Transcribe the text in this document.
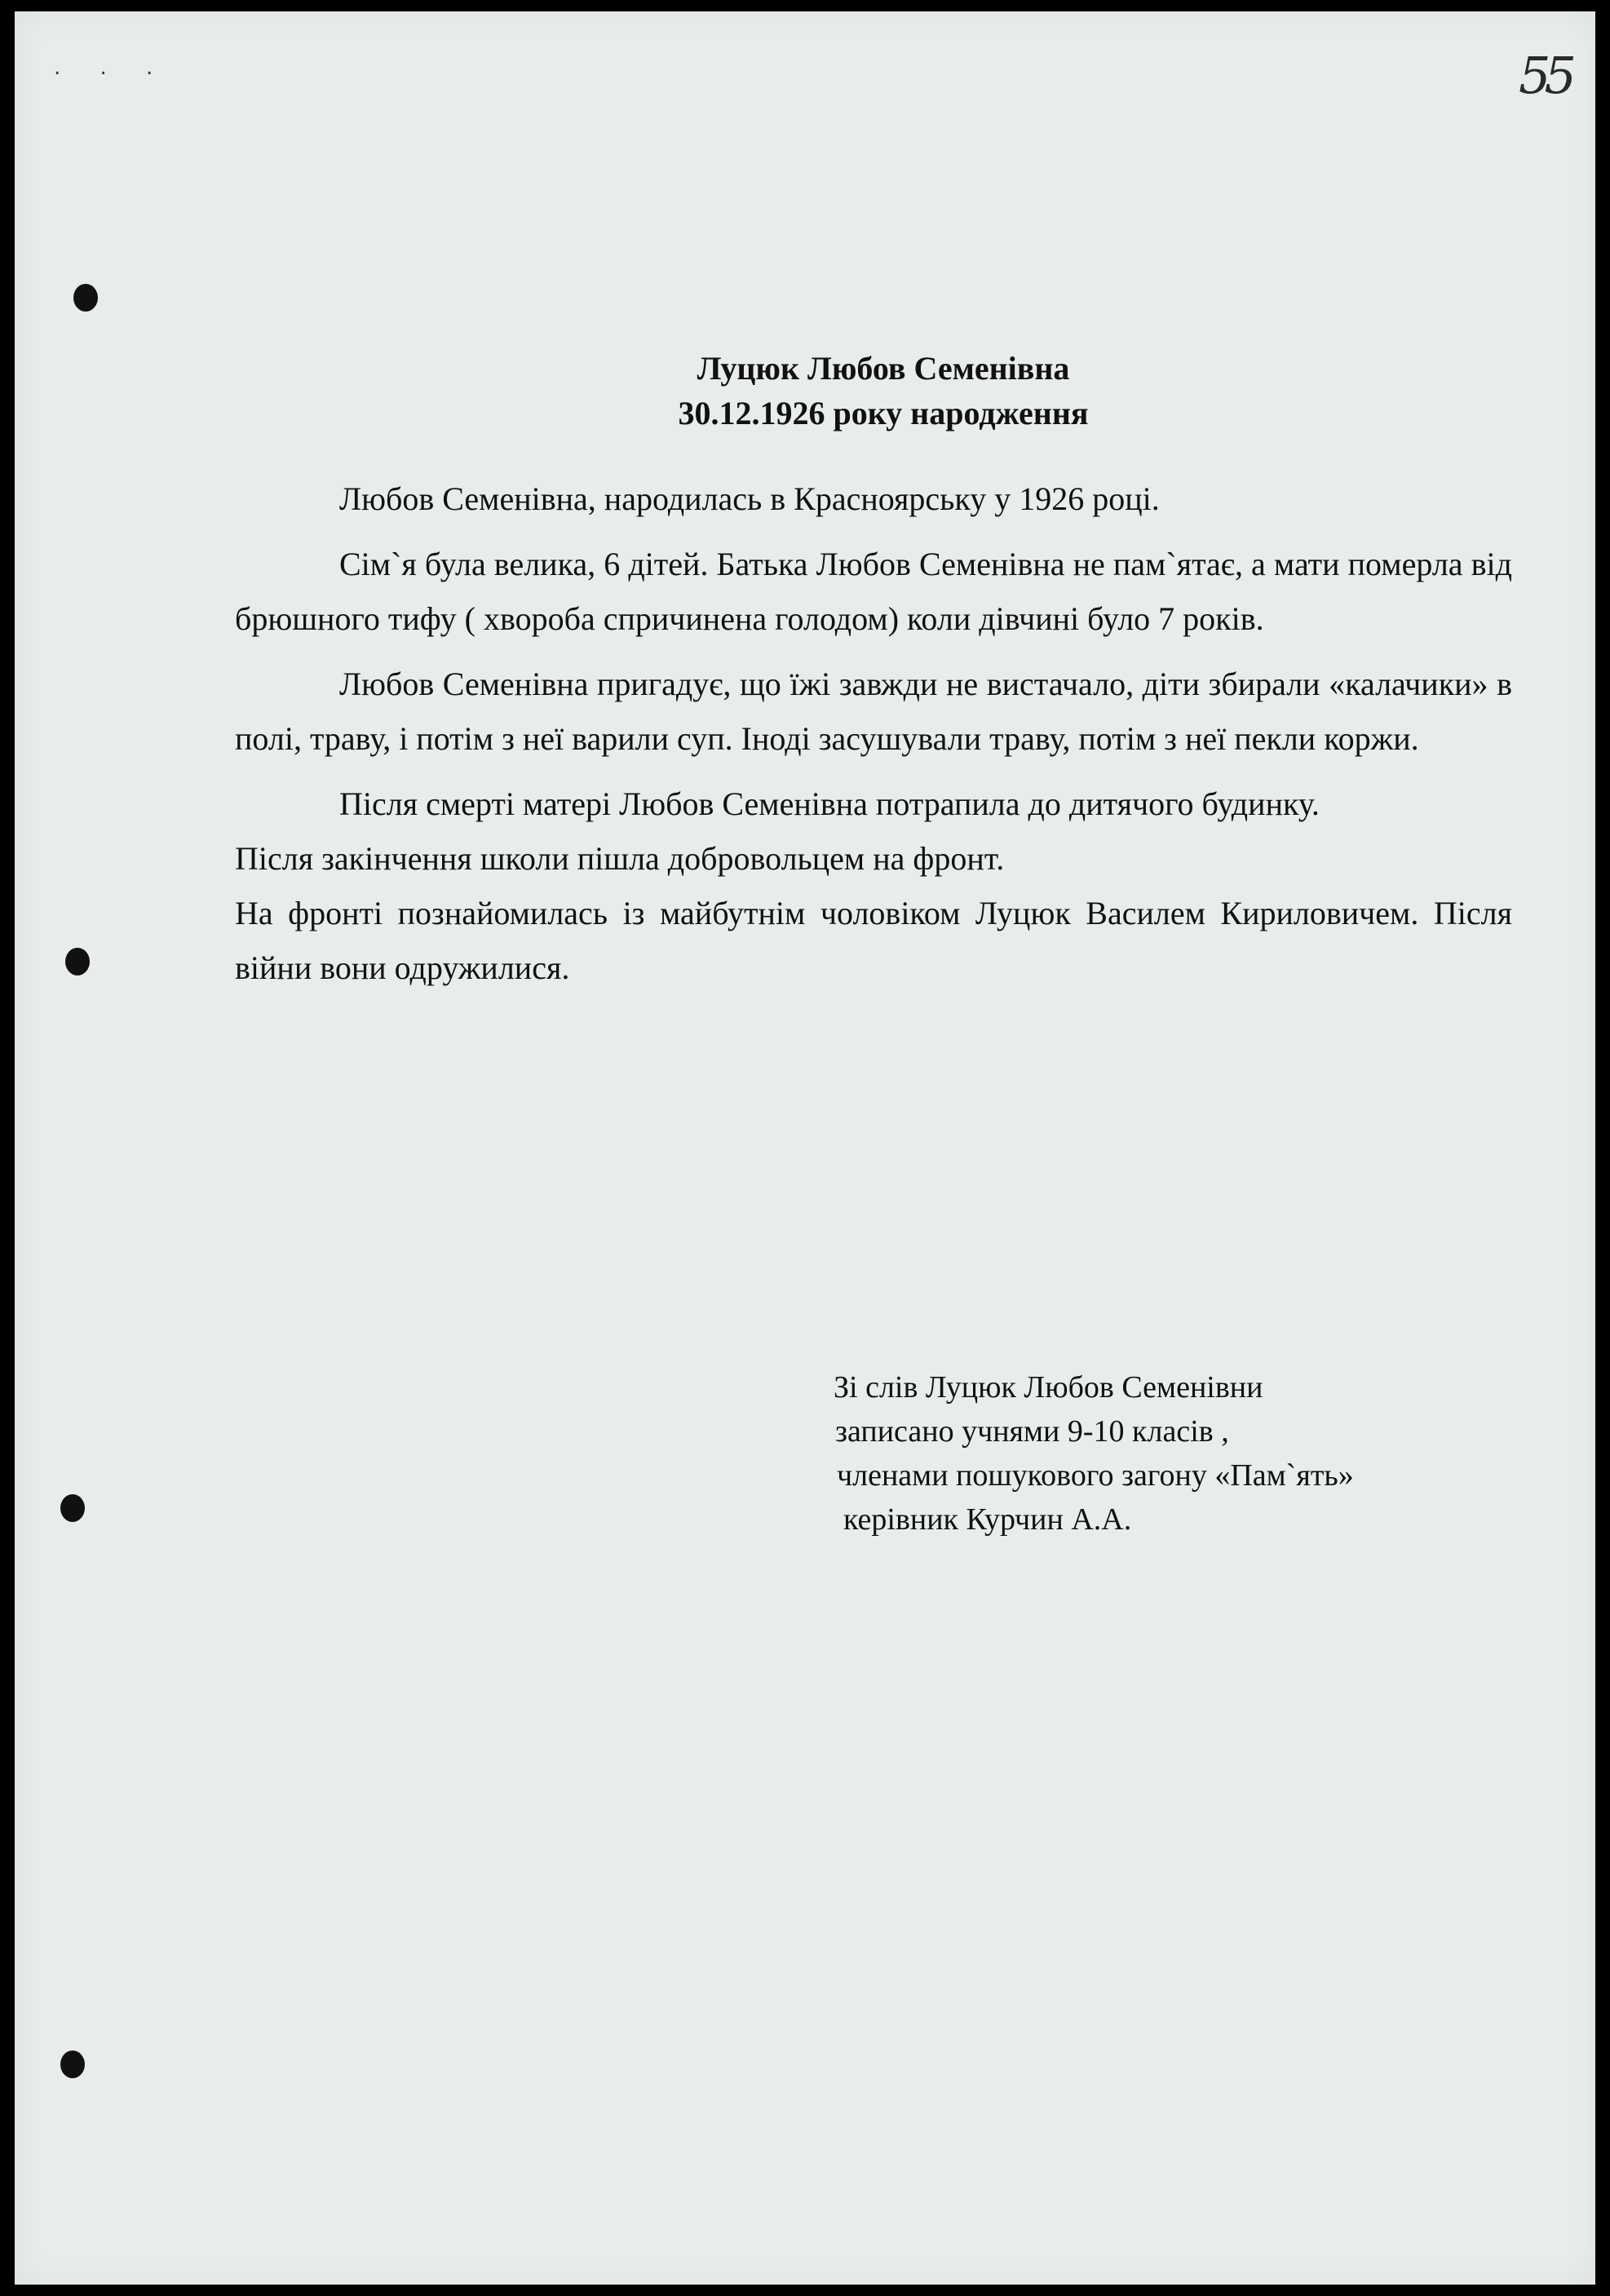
‧ ‧ ‧	55
Луцюк Любов Семенівна
30.12.1926 року народження

Любов Семенівна, народилась в Красноярську у 1926 році.

Сім`я була велика, 6 дітей. Батька Любов Семенівна не пам`ятає, а мати померла від брюшного тифу ( хвороба спричинена голодом) коли дівчині було 7 років.

Любов Семенівна пригадує, що їжі завжди не вистачало, діти збирали «калачики» в полі, траву, і потім з неї варили суп. Іноді засушували траву, потім з неї пекли коржи.

Після смерті матері Любов Семенівна потрапила до дитячого будинку.

Після закінчення школи пішла добровольцем на фронт.

На фронті познайомилась із майбутнім чоловіком Луцюк Василем Кириловичем. Після війни вони одружилися.

Зі слів Луцюк Любов Семенівни
записано учнями 9-10 класів ,
членами пошукового загону «Пам`ять»
керівник Курчин А.А.
